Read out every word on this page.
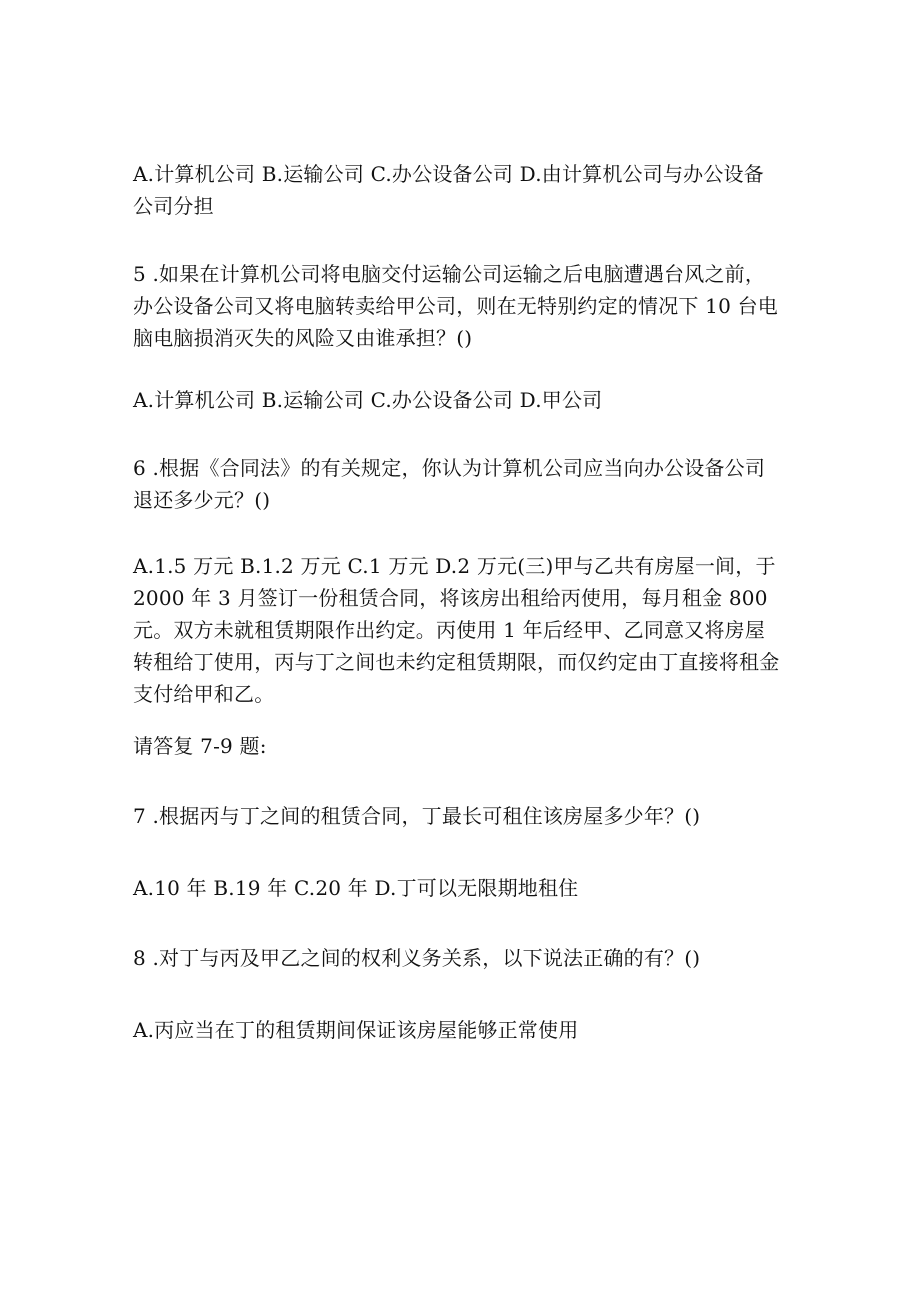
A.计算机公司 B.运输公司 C.办公设备公司 D.由计算机公司与办公设备公司分担

5 .如果在计算机公司将电脑交付运输公司运输之后电脑遭遇台风之前，办公设备公司又将电脑转卖给甲公司，则在无特别约定的情况下 10 台电脑电脑损消灭失的风险又由谁承担？()

A.计算机公司 B.运输公司 C.办公设备公司 D.甲公司

6 .根据《合同法》的有关规定，你认为计算机公司应当向办公设备公司退还多少元？()

A.1.5 万元 B.1.2 万元 C.1 万元 D.2 万元(三)甲与乙共有房屋一间，于 2000 年 3 月签订一份租赁合同，将该房出租给丙使用，每月租金 800 元。双方未就租赁期限作出约定。丙使用 1 年后经甲、乙同意又将房屋转租给丁使用，丙与丁之间也未约定租赁期限，而仅约定由丁直接将租金支付给甲和乙。

请答复 7-9 题:

7 .根据丙与丁之间的租赁合同，丁最长可租住该房屋多少年？()

A.10 年 B.19 年 C.20 年 D.丁可以无限期地租住

8 .对丁与丙及甲乙之间的权利义务关系，以下说法正确的有？()

A.丙应当在丁的租赁期间保证该房屋能够正常使用
